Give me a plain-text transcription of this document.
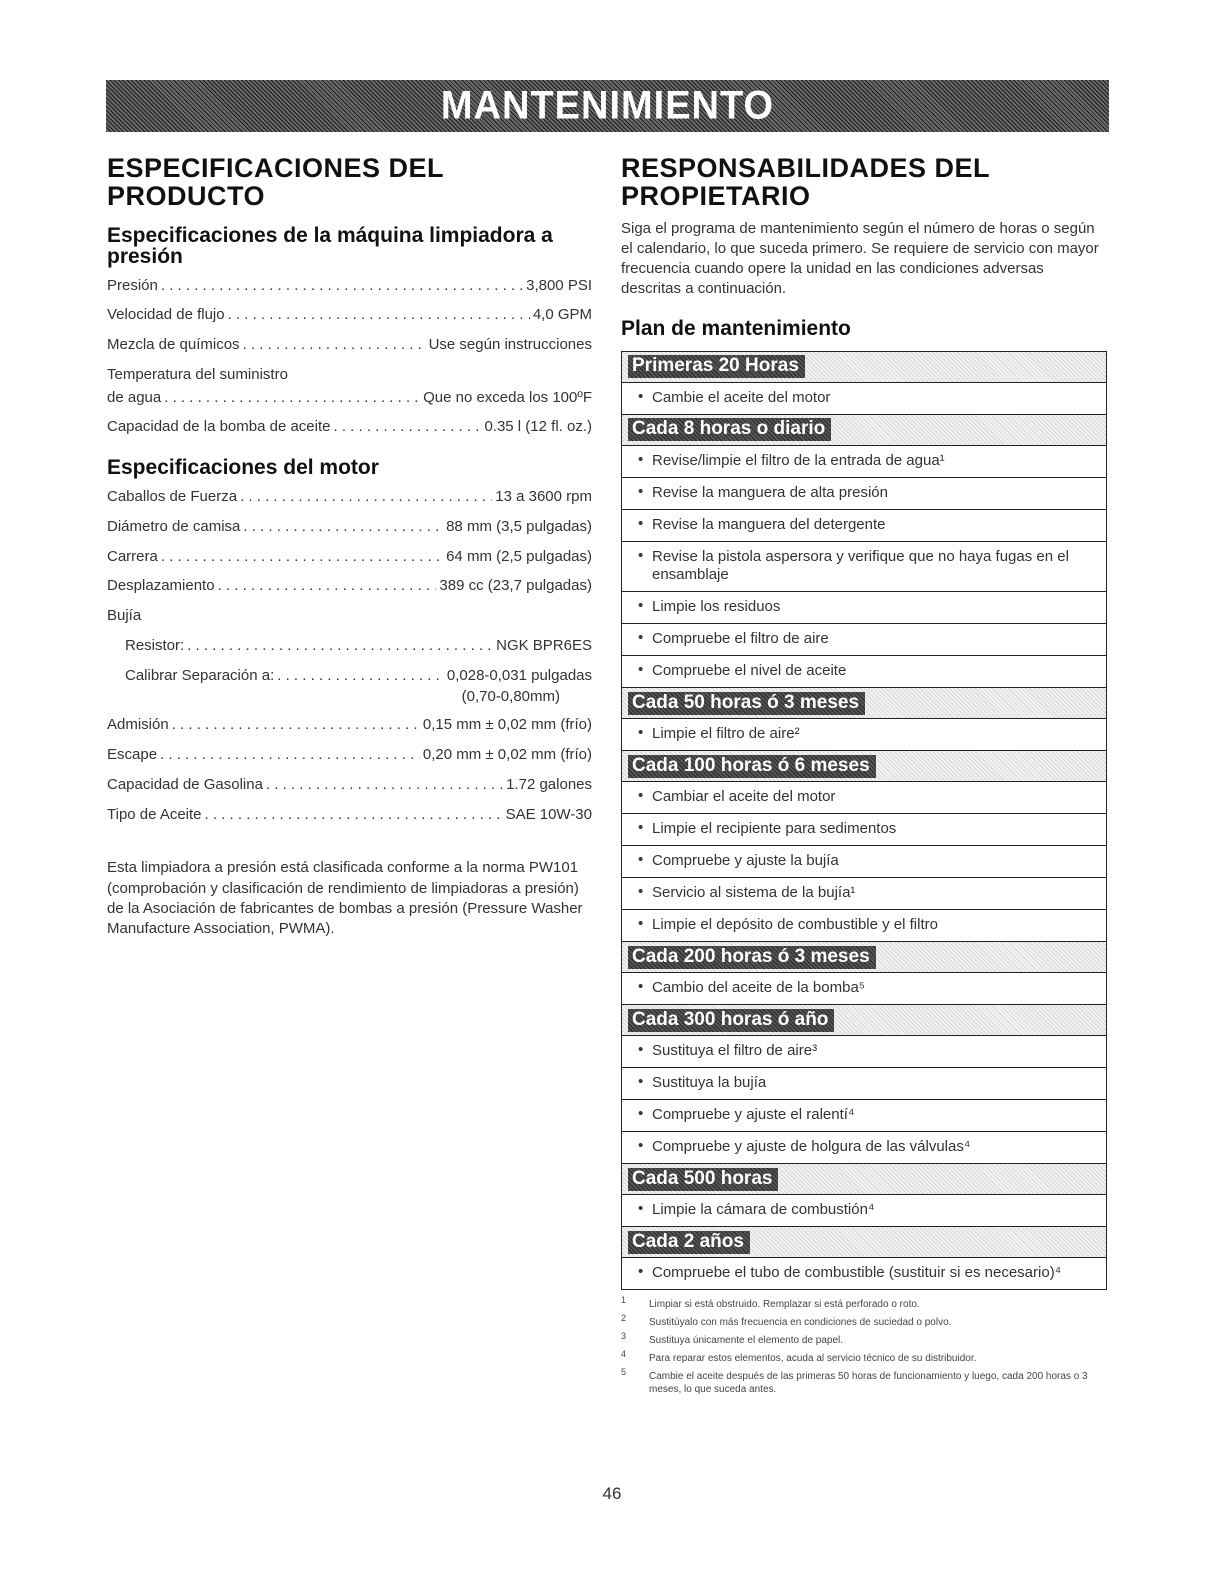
MANTENIMIENTO
ESPECIFICACIONES DEL PRODUCTO
Especificaciones de la máquina limpiadora a presión
Presión . . .	3,800 PSI
Velocidad de flujo . . .	4,0 GPM
Mezcla de químicos . . .	Use según instrucciones
Temperatura del suministro
de agua . . .	Que no exceda los 100ºF
Capacidad de la bomba de aceite . . .	0.35 l (12 fl. oz.)
Especificaciones del motor
Caballos de Fuerza . . .	13 a 3600 rpm
Diámetro de camisa . . .	88 mm (3,5 pulgadas)
Carrera . . .	64 mm (2,5 pulgadas)
Desplazamiento . . .	389 cc (23,7 pulgadas)
Bujía
Resistor: . . .	NGK BPR6ES
Calibrar Separación a: . . .	0,028-0,031 pulgadas
(0,70-0,80mm)
Admisión . . .	0,15 mm ± 0,02 mm (frío)
Escape . . .	0,20 mm ± 0,02 mm (frío)
Capacidad de Gasolina . . .	1.72 galones
Tipo de Aceite . . .	SAE 10W-30
Esta limpiadora a presión está clasificada conforme a la norma PW101 (comprobación y clasificación de rendimiento de limpiadoras a presión) de la Asociación de fabricantes de bombas a presión (Pressure Washer Manufacture Association, PWMA).
RESPONSABILIDADES DEL PROPIETARIO
Siga el programa de mantenimiento según el número de horas o según el calendario, lo que suceda primero. Se requiere de servicio con mayor frecuencia cuando opere la unidad en las condiciones adversas descritas a continuación.
Plan de mantenimiento
Primeras 20 Horas
• Cambie el aceite del motor
Cada 8 horas o diario
• Revise/limpie el filtro de la entrada de agua¹
• Revise la manguera de alta presión
• Revise la manguera del detergente
• Revise la pistola aspersora y verifique que no haya fugas en el ensamblaje
• Limpie los residuos
• Compruebe el filtro de aire
• Compruebe el nivel de aceite
Cada 50 horas ó 3 meses
• Limpie el filtro de aire²
Cada 100 horas ó 6 meses
• Cambiar el aceite del motor
• Limpie el recipiente para sedimentos
• Compruebe y ajuste la bujía
• Servicio al sistema de la bujía¹
• Limpie el depósito de combustible y el filtro
Cada 200 horas ó 3 meses
• Cambio del aceite de la bomba⁵
Cada 300 horas ó año
• Sustituya el filtro de aire³
• Sustituya la bujía
• Compruebe y ajuste el ralentí⁴
• Compruebe y ajuste de holgura de las válvulas⁴
Cada 500 horas
• Limpie la cámara de combustión⁴
Cada 2 años
• Compruebe el tubo de combustible (sustituir si es necesario)⁴
1	Limpiar si está obstruido. Remplazar si está perforado o roto.
2	Sustitúyalo con más frecuencia en condiciones de suciedad o polvo.
3	Sustituya únicamente el elemento de papel.
4	Para reparar estos elementos, acuda al servicio técnico de su distribuidor.
5	Cambie el aceite después de las primeras 50 horas de funcionamiento y luego, cada 200 horas o 3 meses, lo que suceda antes.
46
